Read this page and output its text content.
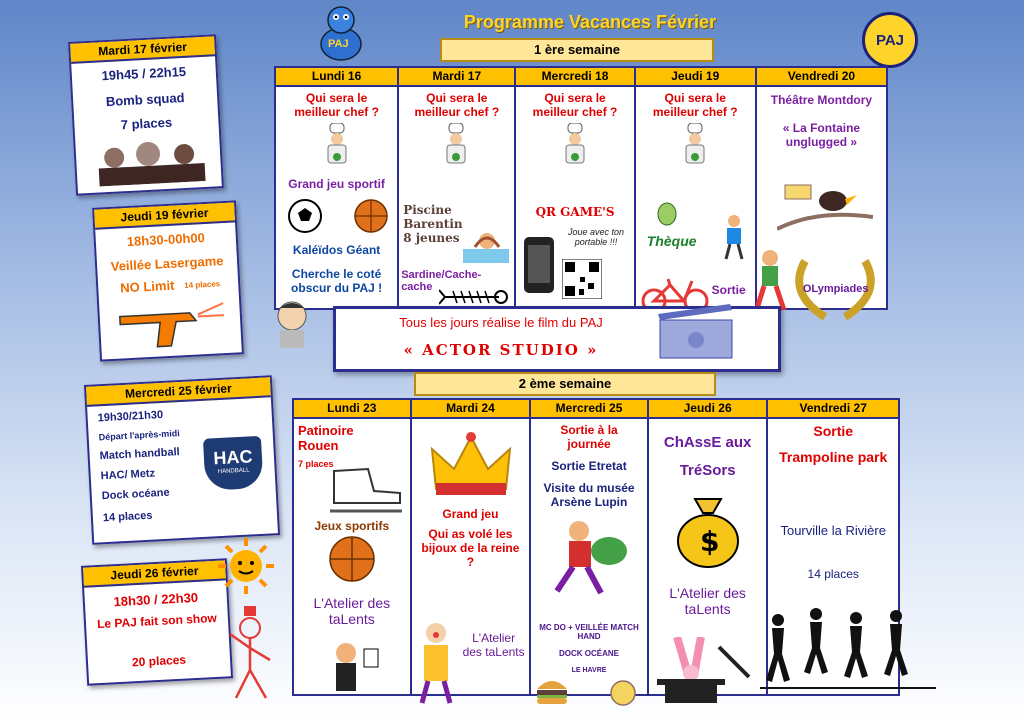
Programme Vacances Février
PAJ	PAJ
1 ère semaine
Lundi 16
Qui sera le meilleur chef ?
Grand jeu sportif
Kaléïdos Géant
Cherche le coté obscur du PAJ !
Mardi 17
Qui sera le meilleur chef ?
Piscine Barentin 8 jeunes
Sardine/Cache-cache
Mercredi 18
Qui sera le meilleur chef ?
QR GAME'S
Joue avec ton portable !!!
Jeudi 19
Qui sera le meilleur chef ?
Thèque
Sortie
Vendredi 20
Théâtre Montdory
« La Fontaine unglugged »
OLympiades
Tous les jours réalise le film du PAJ
« ACTOR STUDIO »
2 ème semaine
Lundi 23
Patinoire Rouen
7 places
Jeux sportifs
L'Atelier des taLents
Mardi 24
Grand jeu
Qui as volé les bijoux de la reine ?
L'Atelier des taLents
Mercredi 25
Sortie à la journée
Sortie Etretat
Visite du musée Arsène Lupin
MC DO + VEILLÉE MATCH HAND
DOCK OCÉANE
LE HAVRE
Jeudi 26
ChAssE aux TréSors
$
L'Atelier des taLents
Vendredi 27
Sortie
Trampoline park
Tourville la Rivière
14 places
Mardi 17 février
19h45 / 22h15
Bomb squad
7 places
Jeudi 19 février
18h30-00h00
Veillée Lasergame
NO Limit 14 places
Mercredi 25 février
19h30/21h30
Départ l'après-midi
Match handball
HAC/ Metz
Dock océane
14 places
HAC
HANDBALL
Jeudi 26 février
18h30 / 22h30
Le PAJ fait son show
20 places
